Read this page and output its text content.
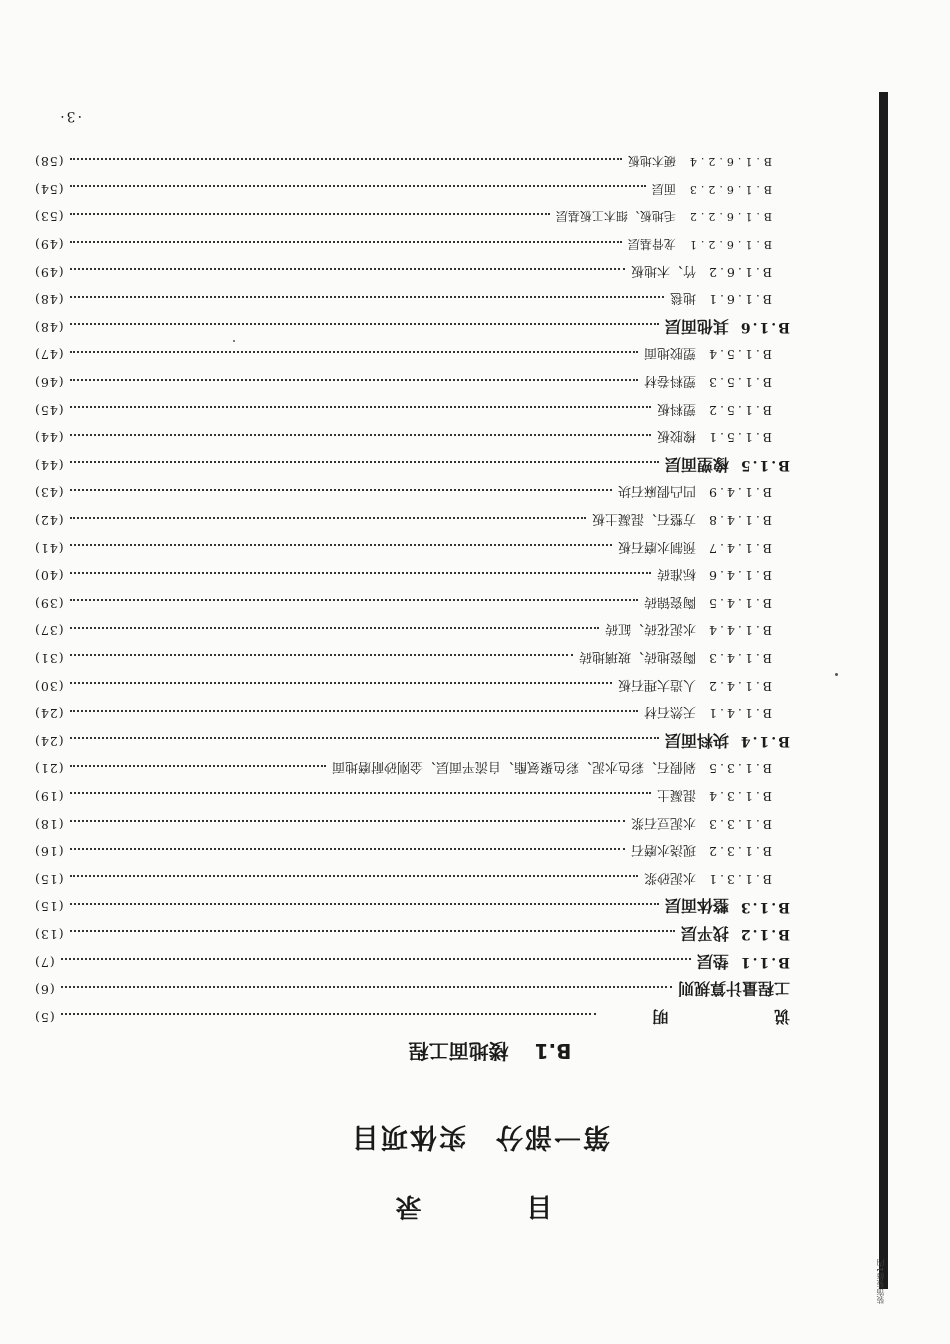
装饰装修1内
目 录
第一部分实体项目
B.1楼地面工程
说 明
(5)
工程量计算规则
(6)
B.1.1
垫层
(7)
B.1.2
找平层
(13)
B.1.3
整体面层
(15)
B.1.3.1
水泥砂浆
(15)
B.1.3.2
现浇水磨石
(16)
B.1.3.3
水泥豆石浆
(18)
B.1.3.4
混凝土
(19)
B.1.3.5
剁假石、彩色水泥、彩色聚氨酯、自流平面层、金刚砂耐磨地面
(21)
B.1.4
块料面层
(24)
B.1.4.1
天然石材
(24)
B.1.4.2
人造大理石板
(30)
B.1.4.3
陶瓷地砖、玻璃地砖
(31)
B.1.4.4
水泥花砖、缸砖
(37)
B.1.4.5
陶瓷锦砖
(39)
B.1.4.6
标准砖
(40)
B.1.4.7
预制水磨石板
(41)
B.1.4.8
方整石、混凝土板
(42)
B.1.4.9
凹凸假麻石块
(43)
B.1.5
橡塑面层
(44)
B.1.5.1
橡胶板
(44)
B.1.5.2
塑料板
(45)
B.1.5.3
塑料卷材
(46)
B.1.5.4
塑胶地面
(47)
B.1.6
其他面层
(48)
B.1.6.1
地毯
(48)
B.1.6.2
竹、木地板
(49)
B.1.6.2.1
龙骨基层
(49)
B.1.6.2.2
毛地板、细木工板基层
(53)
B.1.6.2.3
面层
(54)
B.1.6.2.4
硬木地板
(58)
·3·
